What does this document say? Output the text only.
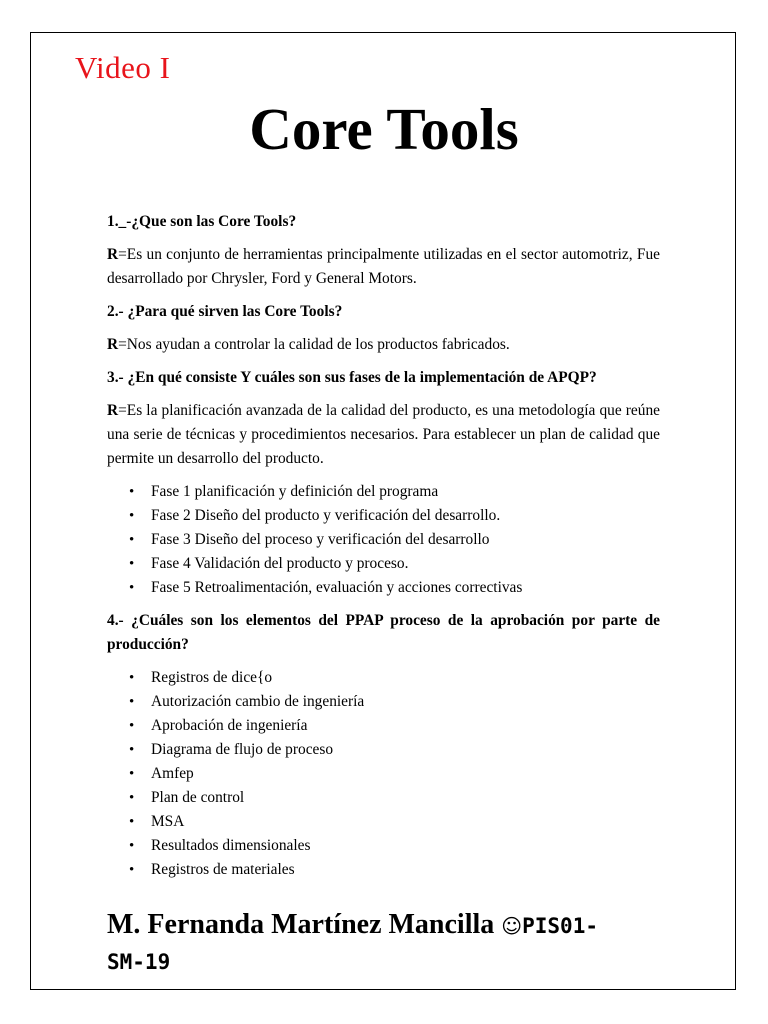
Video I
Core Tools

1._-¿Que son las Core Tools?

R=Es un conjunto de herramientas principalmente utilizadas en el sector automotriz, Fue desarrollado por Chrysler, Ford y General Motors.

2.- ¿Para qué sirven las Core Tools?

R=Nos ayudan a controlar la calidad de los productos fabricados.

3.- ¿En qué consiste Y cuáles son sus fases de la implementación de APQP?

R=Es la planificación avanzada de la calidad del producto, es una metodología que reúne una serie de técnicas y procedimientos necesarios. Para establecer un plan de calidad que permite un desarrollo del producto.

• Fase 1 planificación y definición del programa
• Fase 2 Diseño del producto y verificación del desarrollo.
• Fase 3 Diseño del proceso y verificación del desarrollo
• Fase 4 Validación del producto y proceso.
• Fase 5 Retroalimentación, evaluación y acciones correctivas

4.- ¿Cuáles son los elementos del PPAP proceso de la aprobación por parte de producción?

• Registros de dice{o
• Autorización cambio de ingeniería
• Aprobación de ingeniería
• Diagrama de flujo de proceso
• Amfep
• Plan de control
• MSA
• Resultados dimensionales
• Registros de materiales
M. Fernanda Martínez Mancilla ☺PIS01-
SM-19
